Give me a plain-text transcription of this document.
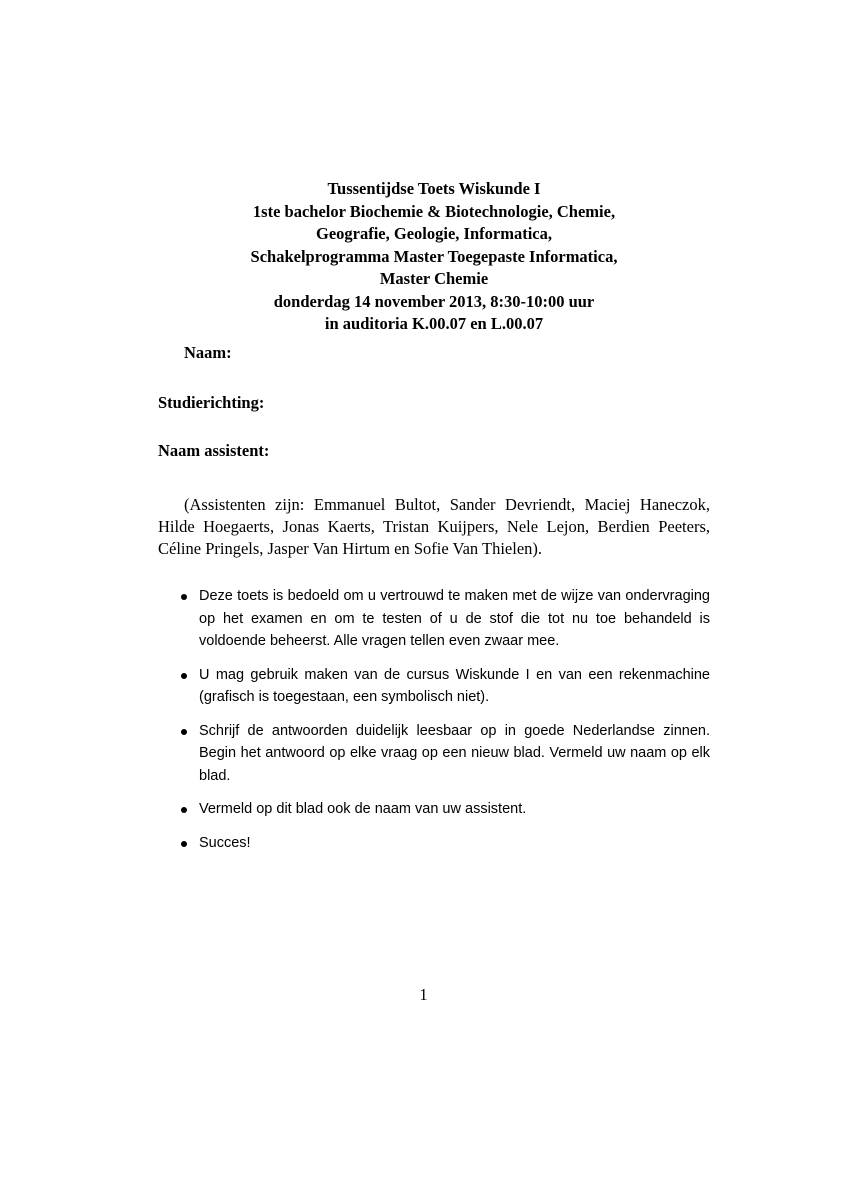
Tussentijdse Toets Wiskunde I
1ste bachelor Biochemie & Biotechnologie, Chemie,
Geografie, Geologie, Informatica,
Schakelprogramma Master Toegepaste Informatica,
Master Chemie
donderdag 14 november 2013, 8:30-10:00 uur
in auditoria K.00.07 en L.00.07
Naam:
Studierichting:
Naam assistent:
(Assistenten zijn: Emmanuel Bultot, Sander Devriendt, Maciej Haneczok, Hilde Hoegaerts, Jonas Kaerts, Tristan Kuijpers, Nele Lejon, Berdien Peeters, Céline Pringels, Jasper Van Hirtum en Sofie Van Thielen).
Deze toets is bedoeld om u vertrouwd te maken met de wijze van ondervraging op het examen en om te testen of u de stof die tot nu toe behandeld is voldoende beheerst. Alle vragen tellen even zwaar mee.
U mag gebruik maken van de cursus Wiskunde I en van een rekenmachine (grafisch is toegestaan, een symbolisch niet).
Schrijf de antwoorden duidelijk leesbaar op in goede Nederlandse zinnen. Begin het antwoord op elke vraag op een nieuw blad. Vermeld uw naam op elk blad.
Vermeld op dit blad ook de naam van uw assistent.
Succes!
1
